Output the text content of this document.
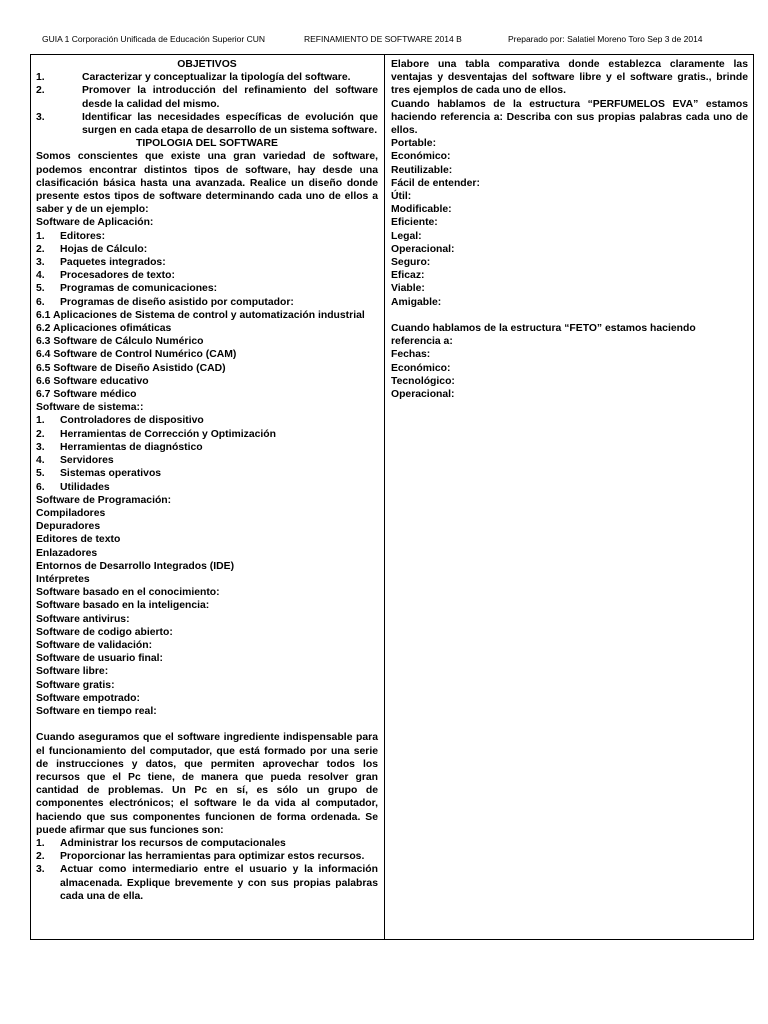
GUIA 1 Corporación Unificada de Educación Superior CUN	REFINAMIENTO DE SOFTWARE 2014 B	Preparado por: Salatiel Moreno Toro Sep 3 de 2014
OBJETIVOS
1.	Caracterizar y conceptualizar la tipología del software.
2.	Promover la introducción del refinamiento del software desde la calidad del mismo.
3.	Identificar las necesidades específicas de evolución que surgen en cada etapa de desarrollo de un sistema software.
TIPOLOGIA DEL SOFTWARE
Somos conscientes que existe una gran variedad de software, podemos encontrar distintos tipos de software, hay desde una clasificación básica hasta una avanzada. Realice un diseño donde presente estos tipos de software determinando cada uno de ellos a saber y de un ejemplo:
Software de Aplicación:
1. Editores:
2. Hojas de Cálculo:
3. Paquetes integrados:
4. Procesadores de texto:
5. Programas de comunicaciones:
6. Programas de diseño asistido por computador:
6.1 Aplicaciones de Sistema de control y automatización industrial
6.2 Aplicaciones ofimáticas
6.3 Software de Cálculo Numérico
6.4 Software de Control Numérico (CAM)
6.5 Software de Diseño Asistido (CAD)
6.6 Software educativo
6.7 Software médico
Software de sistema::
1. Controladores de dispositivo
2. Herramientas de Corrección y Optimización
3. Herramientas de diagnóstico
4. Servidores
5. Sistemas operativos
6. Utilidades
Software de Programación:
Compiladores
Depuradores
Editores de texto
Enlazadores
Entornos de Desarrollo Integrados (IDE)
Intérpretes
Software basado en el conocimiento:
Software basado en la inteligencia:
Software antivirus:
Software de codigo abierto:
Software de validación:
Software de usuario final:
Software libre:
Software gratis:
Software empotrado:
Software en tiempo real:
Cuando aseguramos que el software ingrediente indispensable para el funcionamiento del computador, que está formado por una serie de instrucciones y datos, que permiten aprovechar todos los recursos que el Pc tiene, de manera que pueda resolver gran cantidad de problemas. Un Pc en sí, es sólo un grupo de componentes electrónicos; el software le da vida al computador, haciendo que sus componentes funcionen de forma ordenada. Se puede afirmar que sus funciones son:
1. Administrar los recursos de computacionales
2. Proporcionar las herramientas para optimizar estos recursos.
3. Actuar como intermediario entre el usuario y la información almacenada. Explique brevemente y con sus propias palabras cada una de ella.
Elabore una tabla comparativa donde establezca claramente las ventajas y desventajas del software libre y el software gratis., brinde tres ejemplos de cada uno de ellos.
Cuando hablamos de la estructura “PERFUMELOS EVA” estamos haciendo referencia a: Describa con sus propias palabras cada uno de ellos.
Portable:
Económico:
Reutilizable:
Fácil de entender:
Útil:
Modificable:
Eficiente:
Legal:
Operacional:
Seguro:
Eficaz:
Viable:
Amigable:
Cuando hablamos de la estructura “FETO” estamos haciendo referencia a:
Fechas:
Económico:
Tecnológico:
Operacional:
